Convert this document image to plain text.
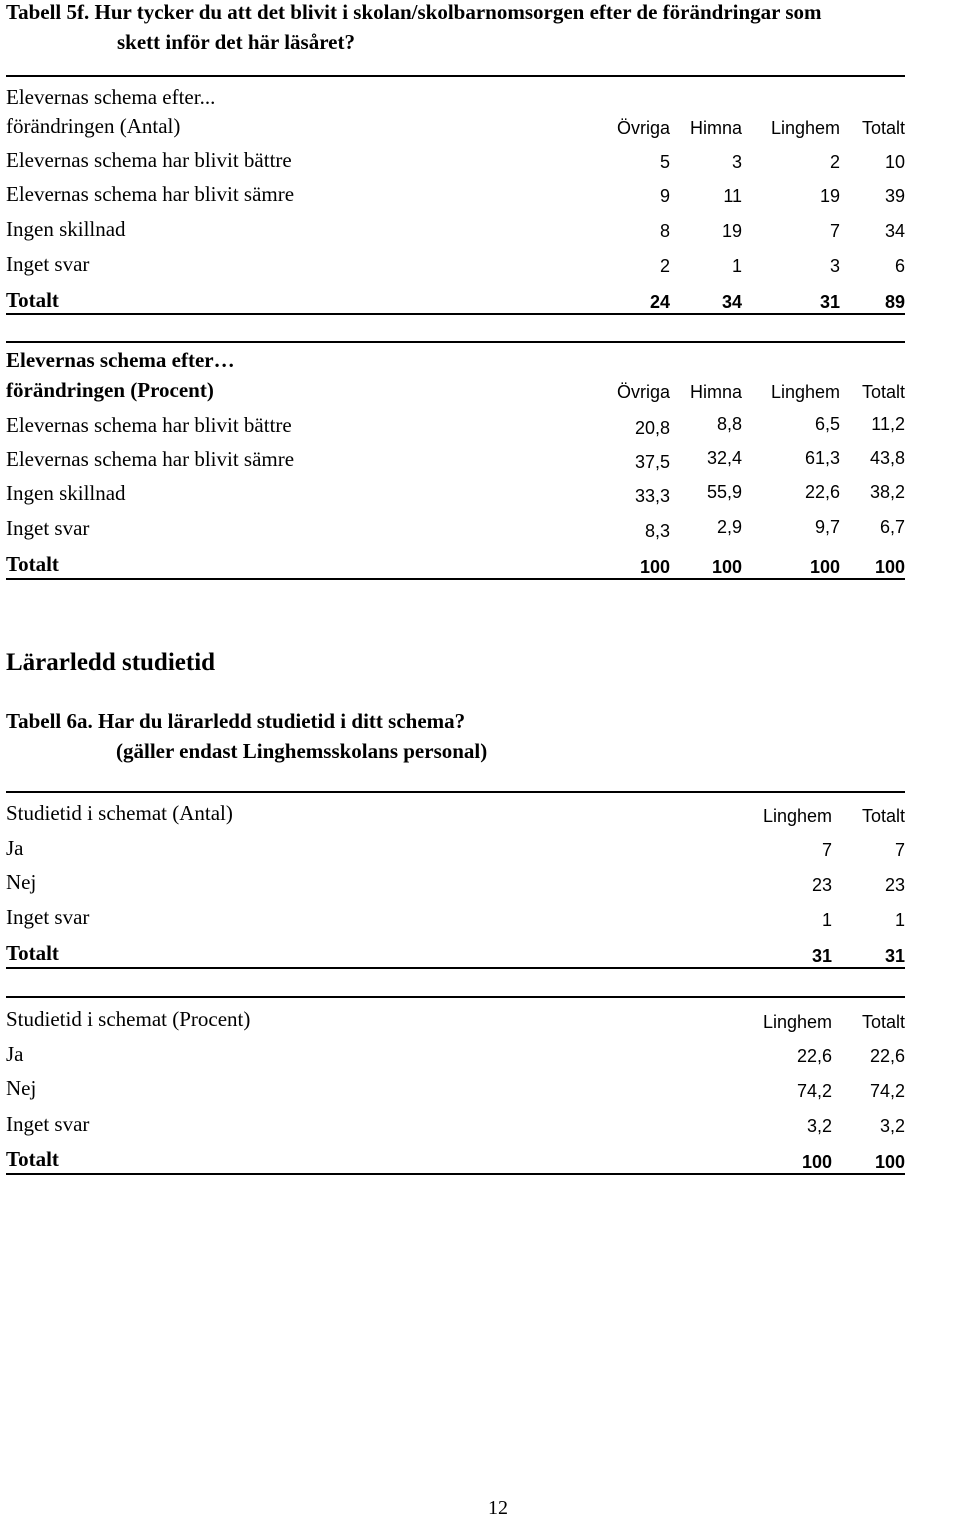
Tabell 5f. Hur tycker du att det blivit i skolan/skolbarnomsorgen efter de förändringar som
skett inför det här läsåret?
Elevernas schema efter...
förändringen (Antal)	Övriga	Himna	Linghem	Totalt
Elevernas schema har blivit bättre	5	3	2	10
Elevernas schema har blivit sämre	9	11	19	39
Ingen skillnad	8	19	7	34
Inget svar	2	1	3	6
Totalt	24	34	31	89
Elevernas schema efter…
förändringen (Procent)	Övriga	Himna	Linghem	Totalt
Elevernas schema har blivit bättre	20,8	8,8	6,5	11,2
Elevernas schema har blivit sämre	37,5	32,4	61,3	43,8
Ingen skillnad	33,3	55,9	22,6	38,2
Inget svar	8,3	2,9	9,7	6,7
Totalt	100	100	100	100
Lärarledd studietid
Tabell 6a. Har du lärarledd studietid i ditt schema?
(gäller endast Linghemsskolans personal)
Studietid i schemat (Antal)	Linghem	Totalt
Ja	7	7
Nej	23	23
Inget svar	1	1
Totalt	31	31
Studietid i schemat (Procent)	Linghem	Totalt
Ja	22,6	22,6
Nej	74,2	74,2
Inget svar	3,2	3,2
Totalt	100	100
12
